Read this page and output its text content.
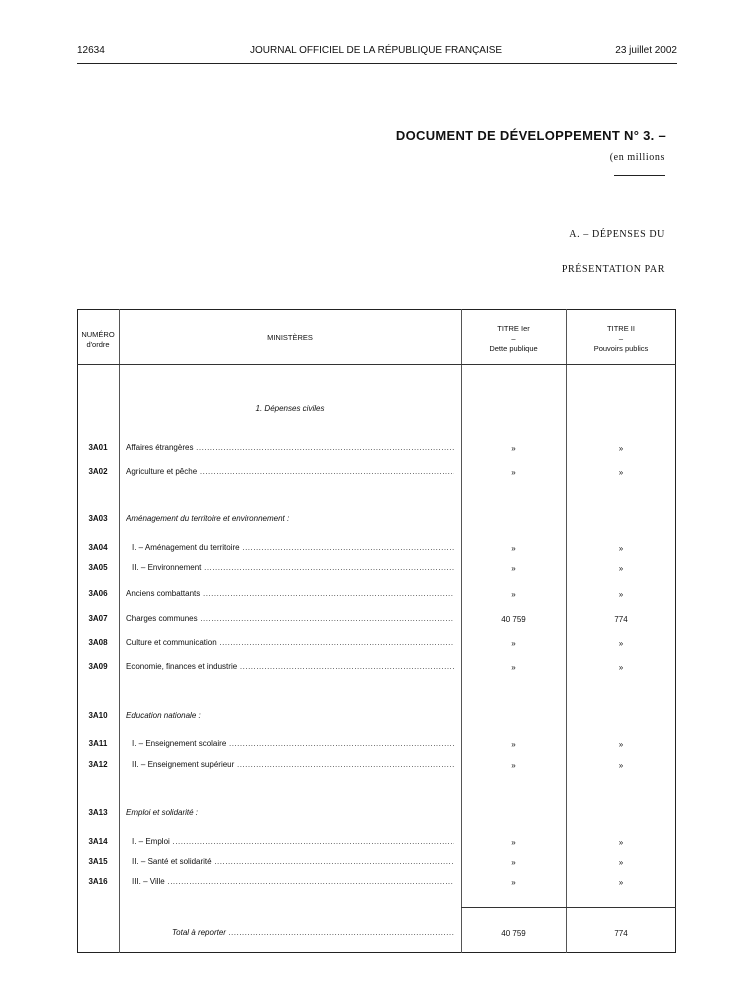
12634	JOURNAL OFFICIEL DE LA RÉPUBLIQUE FRANÇAISE	23 juillet 2002
DOCUMENT DE DÉVELOPPEMENT N° 3. –
(en millions
A. – DÉPENSES DU
PRÉSENTATION PAR
NUMÉRO
d'ordre
MINISTÈRES
TITRE Ier
–
Dette publique
TITRE II
–
Pouvoirs publics
1. Dépenses civiles
3A01	Affaires étrangères .....	»	»
3A02	Agriculture et pêche .....	»	»
3A03	Aménagement du territoire et environnement :
3A04	I. – Aménagement du territoire .....	»	»
3A05	II. – Environnement .....	»	»
3A06	Anciens combattants .....	»	»
3A07	Charges communes .....	40 759	774
3A08	Culture et communication .....	»	»
3A09	Economie, finances et industrie .....	»	»
3A10	Education nationale :
3A11	I. – Enseignement scolaire .....	»	»
3A12	II. – Enseignement supérieur .....	»	»
3A13	Emploi et solidarité :
3A14	I. – Emploi .....	»	»
3A15	II. – Santé et solidarité .....	»	»
3A16	III. – Ville .....	»	»
Total à reporter .....	40 759	774
